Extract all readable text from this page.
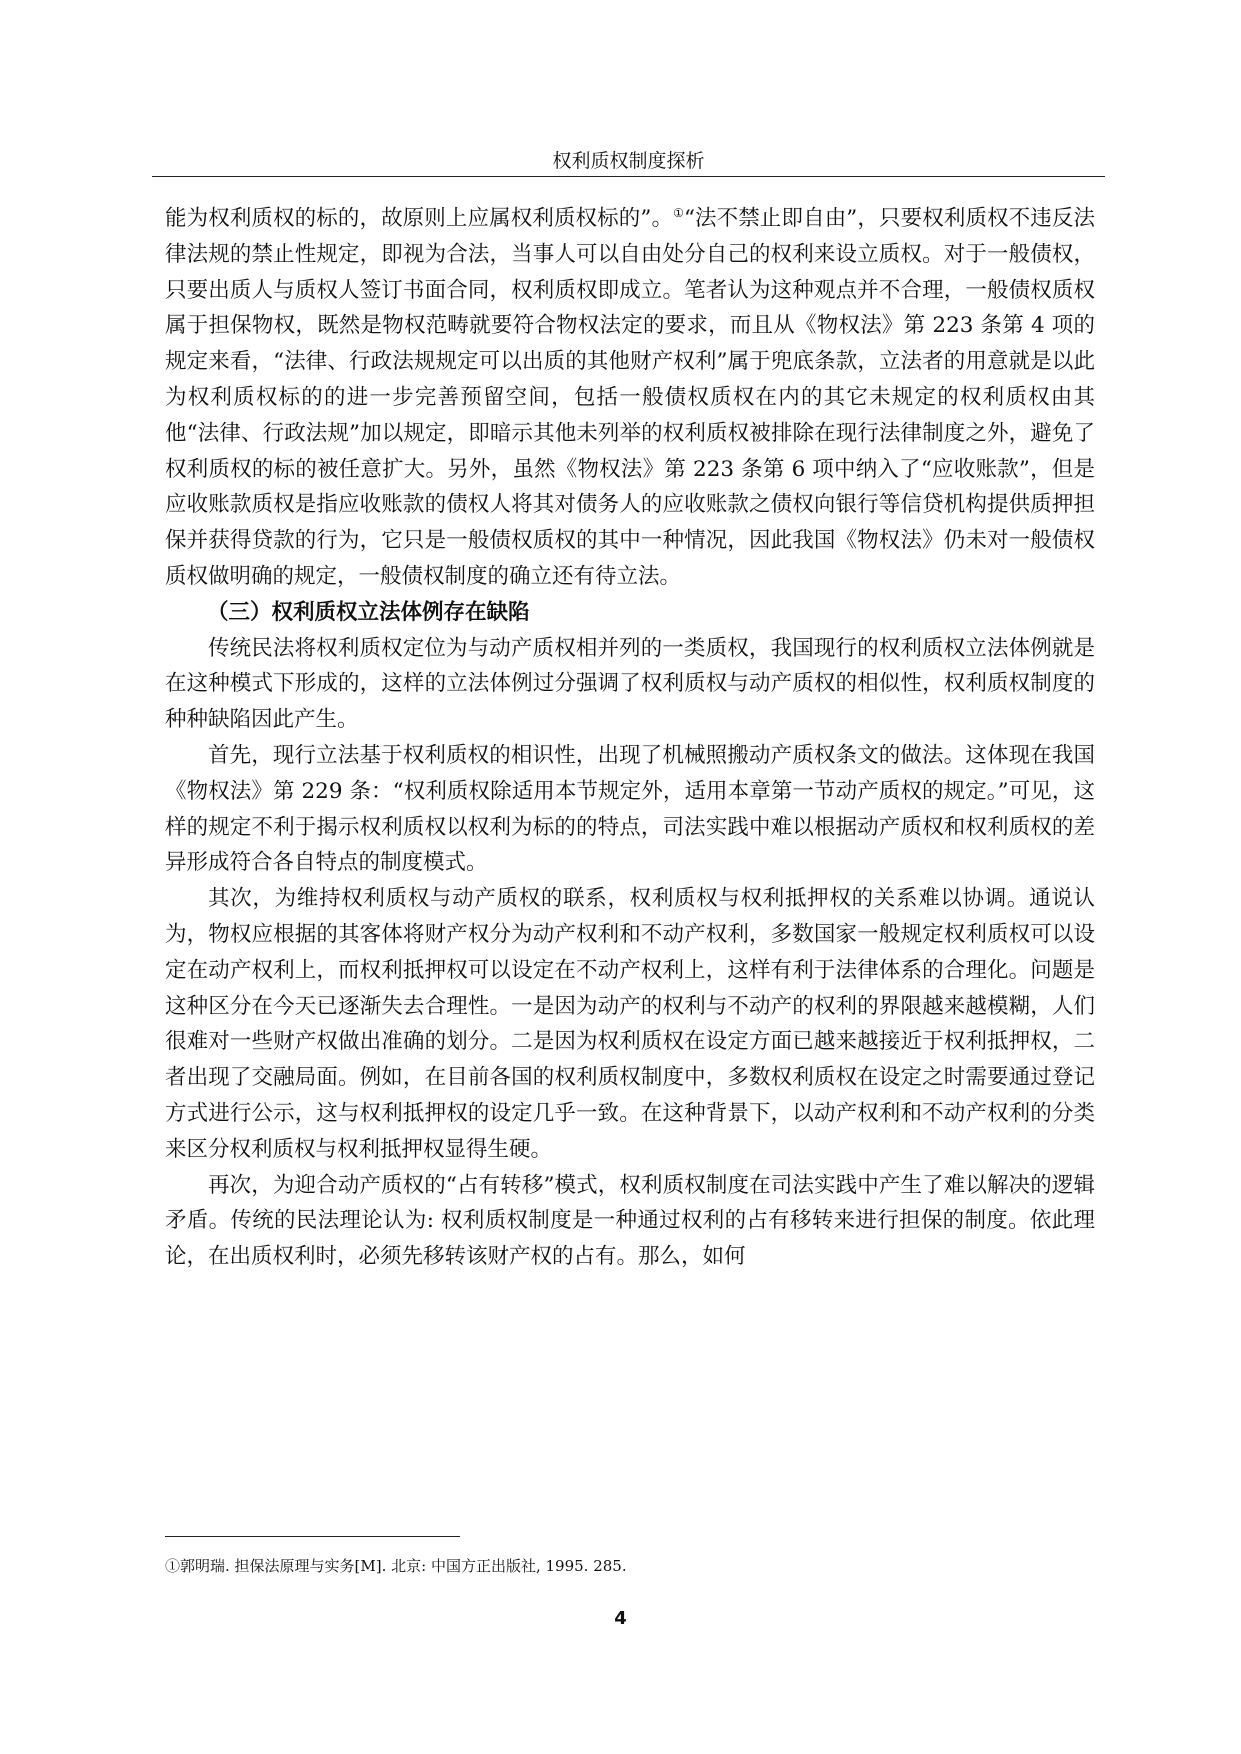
权利质权制度探析

能为权利质权的标的，故原则上应属权利质权标的”。①“法不禁止即自由”，只要权利质权不违反法律法规的禁止性规定，即视为合法，当事人可以自由处分自己的权利来设立质权。对于一般债权，只要出质人与质权人签订书面合同，权利质权即成立。笔者认为这种观点并不合理，一般债权质权属于担保物权，既然是物权范畴就要符合物权法定的要求，而且从《物权法》第 223 条第 4 项的规定来看，“法律、行政法规规定可以出质的其他财产权利”属于兜底条款，立法者的用意就是以此为权利质权标的的进一步完善预留空间，包括一般债权质权在内的其它未规定的权利质权由其他“法律、行政法规”加以规定，即暗示其他未列举的权利质权被排除在现行法律制度之外，避免了权利质权的标的被任意扩大。另外，虽然《物权法》第 223 条第 6 项中纳入了“应收账款”，但是应收账款质权是指应收账款的债权人将其对债务人的应收账款之债权向银行等信贷机构提供质押担保并获得贷款的行为，它只是一般债权质权的其中一种情况，因此我国《物权法》仍未对一般债权质权做明确的规定，一般债权制度的确立还有待立法。

（三）权利质权立法体例存在缺陷

传统民法将权利质权定位为与动产质权相并列的一类质权，我国现行的权利质权立法体例就是在这种模式下形成的，这样的立法体例过分强调了权利质权与动产质权的相似性，权利质权制度的种种缺陷因此产生。

首先，现行立法基于权利质权的相识性，出现了机械照搬动产质权条文的做法。这体现在我国《物权法》第 229 条：“权利质权除适用本节规定外，适用本章第一节动产质权的规定。”可见，这样的规定不利于揭示权利质权以权利为标的的特点，司法实践中难以根据动产质权和权利质权的差异形成符合各自特点的制度模式。

其次，为维持权利质权与动产质权的联系，权利质权与权利抵押权的关系难以协调。通说认为，物权应根据的其客体将财产权分为动产权利和不动产权利，多数国家一般规定权利质权可以设定在动产权利上，而权利抵押权可以设定在不动产权利上，这样有利于法律体系的合理化。问题是这种区分在今天已逐渐失去合理性。一是因为动产的权利与不动产的权利的界限越来越模糊，人们很难对一些财产权做出准确的划分。二是因为权利质权在设定方面已越来越接近于权利抵押权，二者出现了交融局面。例如，在目前各国的权利质权制度中，多数权利质权在设定之时需要通过登记方式进行公示，这与权利抵押权的设定几乎一致。在这种背景下，以动产权利和不动产权利的分类来区分权利质权与权利抵押权显得生硬。

再次，为迎合动产质权的“占有转移”模式，权利质权制度在司法实践中产生了难以解决的逻辑矛盾。传统的民法理论认为: 权利质权制度是一种通过权利的占有移转来进行担保的制度。依此理论，在出质权利时，必须先移转该财产权的占有。那么，如何

①郭明瑞. 担保法原理与实务[M]. 北京: 中国方正出版社, 1995. 285.
4
